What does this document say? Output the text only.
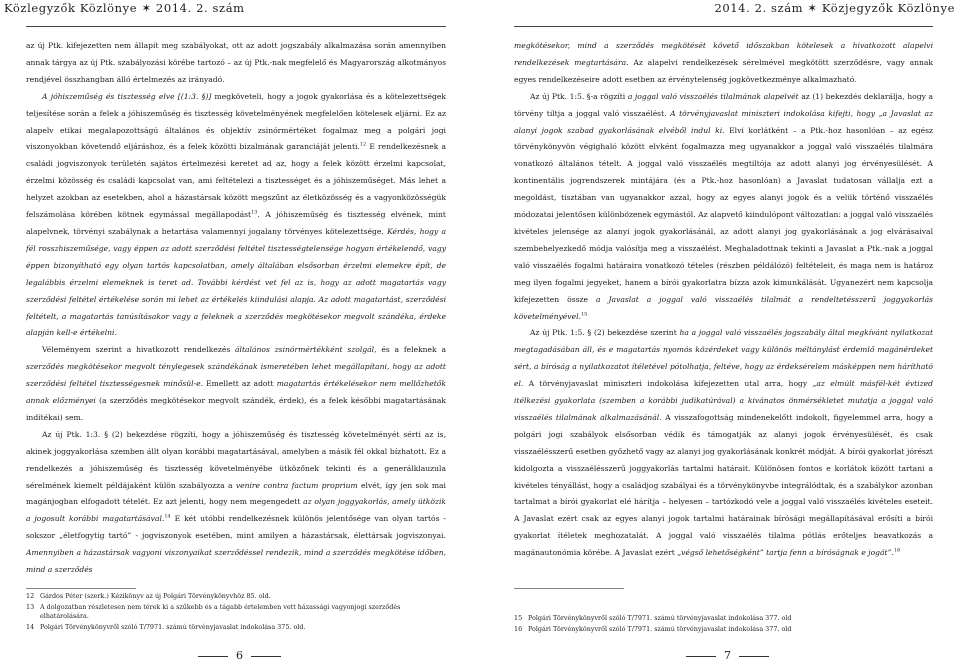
Közlegyzők Közlönye ✶ 2014. 2. szám	2014. 2. szám ✶ Közjegyzők Közlönye

az új Ptk. kifejezetten nem állapít meg szabályokat, ott az adott jogszabály alkalmazása során amennyiben annak tárgya az új Ptk. szabályozási körébe tartozó – az új Ptk.-nak megfelelő és Magyarország alkotmányos rendjével összhangban álló értelmezés az irányadó.

A jóhiszeműség és tisztesség elve [(1:3. §)] megköveteli, hogy a jogok gyakorlása és a kötelezettségek teljesítése során a felek a jóhiszeműség és tisztesség követelményének megfelelően kötelesek eljárni. Ez az alapelv etikai megalapozottságú általános és objektív zsinórmértéket fogalmaz meg a polgári jogi viszonyokban követendő eljáráshoz, és a felek közötti bizalmának garanciáját jelenti.$^{12}$ E rendelkezésnek a családi jogviszonyok területén sajátos értelmezési keretet ad az, hogy a felek között érzelmi kapcsolat, érzelmi közösség és családi kapcsolat van, ami feltételezi a tisztességet és a jóhiszeműséget. Más lehet a helyzet azokban az esetekben, ahol a házastársak között megszűnt az életközösség és a vagyonközösségük felszámolása körében kötnek egymással megállapodást$^{13}$. A jóhiszeműség és tisztesség elvének, mint alapelvnek, törvényi szabálynak a betartása valamennyi jogalany törvényes kötelezettsége. Kérdés, hogy a fél rosszhiszeműsége, vagy éppen az adott szerződési feltétel tisztességtelensége hogyan értékelendő, vagy éppen bizonyítható egy olyan tartós kapcsolatban, amely általában elsősorban érzelmi elemekre épít, de legalábbis érzelmi elemeknek is teret ad. További kérdést vet fel az is, hogy az adott magatartás vagy szerződési feltétel értékelése során mi lehet az értékelés kiindulási alapja. Az adott magatartást, szerződési feltételt, a magatartás tanúsításakor vagy a feleknek a szerződés megkötésekor megvolt szándéka, érdeke alapján kell-e értékelni.

Véleményem szerint a hivatkozott rendelkezés általános zsinórmértékként szolgál, és a feleknek a szerződés megkötésekor megvolt ténylegesek szándékának ismeretében lehet megállapítani, hogy az adott szerződési feltétel tisztességesnek minősül-e. Emellett az adott magatartás értékelésekor nem mellőzhetők annak előzményei (a szerződés megkötésekor megvolt szándék, érdek), és a felek későbbi magatartásának indítékai) sem.

Az új Ptk. 1:3. § (2) bekezdése rögzíti, hogy a jóhiszeműség és tisztesség követelményét sérti az is, akinek joggyakorlása szemben állt olyan korábbi magatartásával, amelyben a másik fél okkal bízhatott. Ez a rendelkezés a jóhiszeműség és tisztesség követelményébe ütközőnek tekinti és a generálklauzula sérelmének kiemelt példájaként külön szabályozza a venire contra factum proprium elvét, így jen sok mai magánjogban elfogadott tételét. Ez azt jelenti, hogy nem megengedett az olyan joggyakorlás, amely ütközik a jogosult korábbi magatartásával.$^{14}$ E két utóbbi rendelkezésnek különös jelentősége van olyan tartós - sokszor „életfogytig tartó” - jogviszonyok esetében, mint amilyen a házastársak, élettársak jogviszonyai. Amennyiben a házastársak vagyoni viszonyaikat szerződéssel rendezik, mind a szerződés megkötése időben, mind a szerződés

megkötésekor, mind a szerződés megkötését követő időszakban kötelesek a hivatkozott alapelvi rendelkezések megtartására. Az alapelvi rendelkezések sérelmével megkötött szerződésre, vagy annak egyes rendelkezéseire adott esetben az érvénytelenség jogkövetkezménye alkalmazható.

Az új Ptk. 1:5. §-a rögzíti a joggal való visszaélés tilalmának alapelvét az (1) bekezdés deklarálja, hogy a törvény tiltja a joggal való visszaélést. A törvényjavaslat miniszteri indokolása kifejti, hogy „a Javaslat az alanyi jogok szabad gyakorlásának elvéből indul ki. Elvi korlátként – a Ptk.-hoz hasonlóan – az egész törvénykönyvön végighaló között elvként fogalmazza meg ugyanakkor a joggal való visszaélés tilalmára vonatkozó általános tételt. A joggal való visszaélés megtiltója az adott alanyi jog érvényesülését. A kontinentális jogrendszerek mintájára (és a Ptk.-hoz hasonlóan) a Javaslat tudatosan vállalja ezt a megoldást, tisztában van ugyanakkor azzal, hogy az egyes alanyi jogok és a velük történő visszaélés módozatai jelentősen különbözenek egymástól. Az alapvető kiindulópont változatlan: a joggal való visszaélés kivételes jelensége az alanyi jogok gyakorlásánál, az adott alanyi jog gyakorlásának a jog elvárásaival szembehelyezkedő módja valósítja meg a visszaélést. Meghaladottnak tekinti a Javaslat a Ptk.-nak a joggal való visszaélés fogalmi határaira vonatkozó tételes (részben példálózó) feltételeit, és maga nem is határoz meg ilyen fogalmi jegyeket, hanem a bírói gyakorlatra bízza azok kimunkálását. Ugyanezért nem kapcsolja kifejezetten össze a Javaslat a joggal való visszaélés tilalmát a rendeltetésszerű joggyakorlás követelményével.$^{15}$

Az új Ptk. 1:5. § (2) bekezdése szerint ha a joggal való visszaélés jogszabály által megkívánt nyilatkozat megtagadásában áll, és e magatartás nyomós közérdeket vagy különös méltánylást érdemlő magánérdeket sért, a bíróság a nyilatkozatot ítéletével pótolhatja, feltéve, hogy az érdeksérelem másképpen nem hárítható el. A törvényjavaslat miniszteri indokolása kifejezetten utal arra, hogy „az elmúlt másfél-két évtized itélkezési gyakorlata (szemben a korábbi judikatúrával) a kivánatos önmérsékletet mutatja a joggal való visszaélés tilalmának alkalmazásánál. A visszafogottság mindenekelőtt indokolt, figyelemmel arra, hogy a polgári jogi szabályok elsősorban védik és támogatják az alanyi jogok érvényesülését, és csak visszaélésszerű esetben győzhető vagy az alanyi jog gyakorlásának konkrét módját. A bírói gyakorlat jórészt kidolgozta a visszaélésszerű joggyakorlás tartalmi határait. Különösen fontos e korlátok között tartani a kivételes tényállást, hogy a családjog szabályai és a törvénykönyvbe integrálódtak, és a szabálykor azonban tartalmat a bírói gyakorlat elé hárítja – helyesen – tartózkodó vele a joggal való visszaélés kivételes eseteit. A Javaslat ezért csak az egyes alanyi jogok tartalmi határainak bírósági megállapításával erősíti a bírói gyakorlat ítéletek meghozatalát. A joggal való visszaélés tilalma pótlás erőteljes beavatkozás a magánautonómia körébe. A Javaslat ezért „végső lehetőségként” tartja fenn a bíróságnak e jogát”.$^{16}$

12 Gárdos Péter (szerk.) Kézikönyv az új Polgári Törvénykönyvhöz 85. old.
13 A dolgozatban részletesen nem térek ki a szűkebb és a tágabb értelemben vett házassági vagyonjogi szerződés elhatárolására.
14 Polgári Törvénykönyvről szóló T/7971. számú törvényjavaslat indokolása 375. old.
15 Polgári Törvénykönyvről szóló T/7971. számú törvényjavaslat indokolása 377. old
16 Polgári Törvénykönyvről szóló T/7971. számú törvényjavaslat indokolása 377. old
6	7
